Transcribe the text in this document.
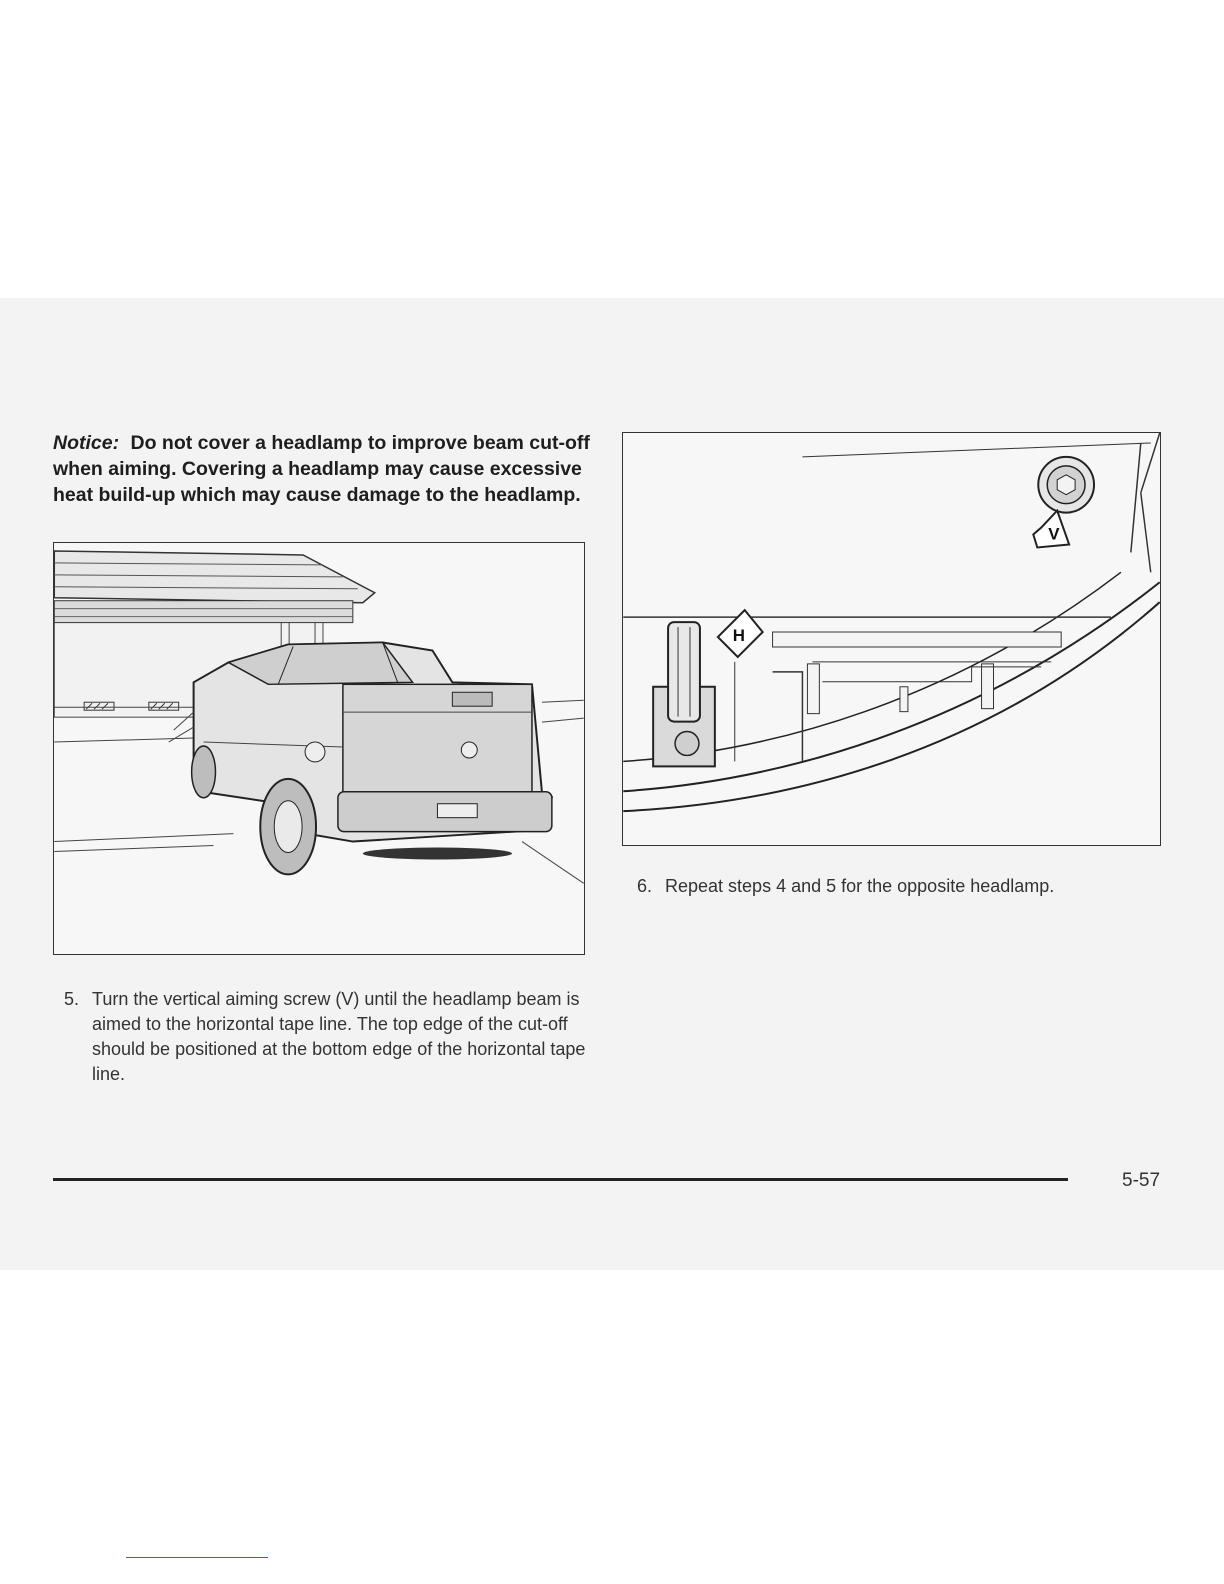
Notice: Do not cover a headlamp to improve beam cut-off when aiming. Covering a headlamp may cause excessive heat build-up which may cause damage to the headlamp.
V
H
5. Turn the vertical aiming screw (V) until the headlamp beam is aimed to the horizontal tape line. The top edge of the cut-off should be positioned at the bottom edge of the horizontal tape line.
6. Repeat steps 4 and 5 for the opposite headlamp.
5-57
